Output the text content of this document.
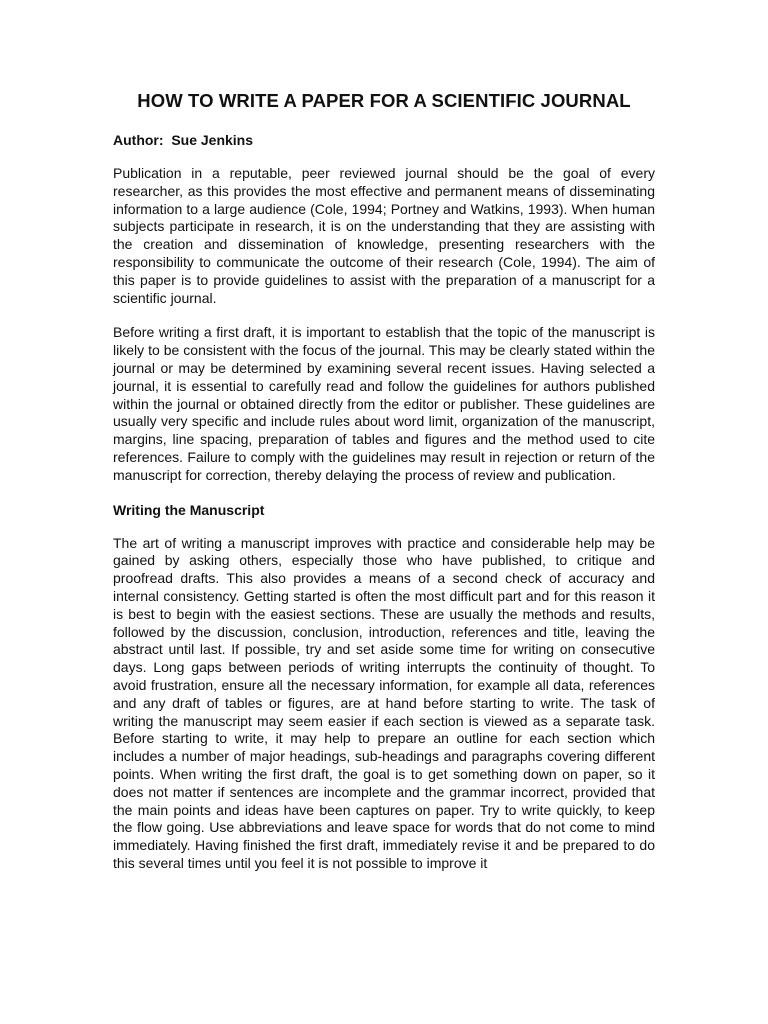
HOW TO WRITE A PAPER FOR A SCIENTIFIC JOURNAL
Author:  Sue Jenkins

Publication in a reputable, peer reviewed journal should be the goal of every researcher, as this provides the most effective and permanent means of disseminating information to a large audience (Cole, 1994; Portney and Watkins, 1993). When human subjects participate in research, it is on the understanding that they are assisting with the creation and dissemination of knowledge, presenting researchers with the responsibility to communicate the outcome of their research (Cole, 1994). The aim of this paper is to provide guidelines to assist with the preparation of a manuscript for a scientific journal.

Before writing a first draft, it is important to establish that the topic of the manuscript is likely to be consistent with the focus of the journal. This may be clearly stated within the journal or may be determined by examining several recent issues. Having selected a journal, it is essential to carefully read and follow the guidelines for authors published within the journal or obtained directly from the editor or publisher. These guidelines are usually very specific and include rules about word limit, organization of the manuscript, margins, line spacing, preparation of tables and figures and the method used to cite references. Failure to comply with the guidelines may result in rejection or return of the manuscript for correction, thereby delaying the process of review and publication.

Writing the Manuscript

The art of writing a manuscript improves with practice and considerable help may be gained by asking others, especially those who have published, to critique and proofread drafts. This also provides a means of a second check of accuracy and internal consistency. Getting started is often the most difficult part and for this reason it is best to begin with the easiest sections. These are usually the methods and results, followed by the discussion, conclusion, introduction, references and title, leaving the abstract until last. If possible, try and set aside some time for writing on consecutive days. Long gaps between periods of writing interrupts the continuity of thought. To avoid frustration, ensure all the necessary information, for example all data, references and any draft of tables or figures, are at hand before starting to write. The task of writing the manuscript may seem easier if each section is viewed as a separate task. Before starting to write, it may help to prepare an outline for each section which includes a number of major headings, sub-headings and paragraphs covering different points. When writing the first draft, the goal is to get something down on paper, so it does not matter if sentences are incomplete and the grammar incorrect, provided that the main points and ideas have been captures on paper. Try to write quickly, to keep the flow going. Use abbreviations and leave space for words that do not come to mind immediately. Having finished the first draft, immediately revise it and be prepared to do this several times until you feel it is not possible to improve it
